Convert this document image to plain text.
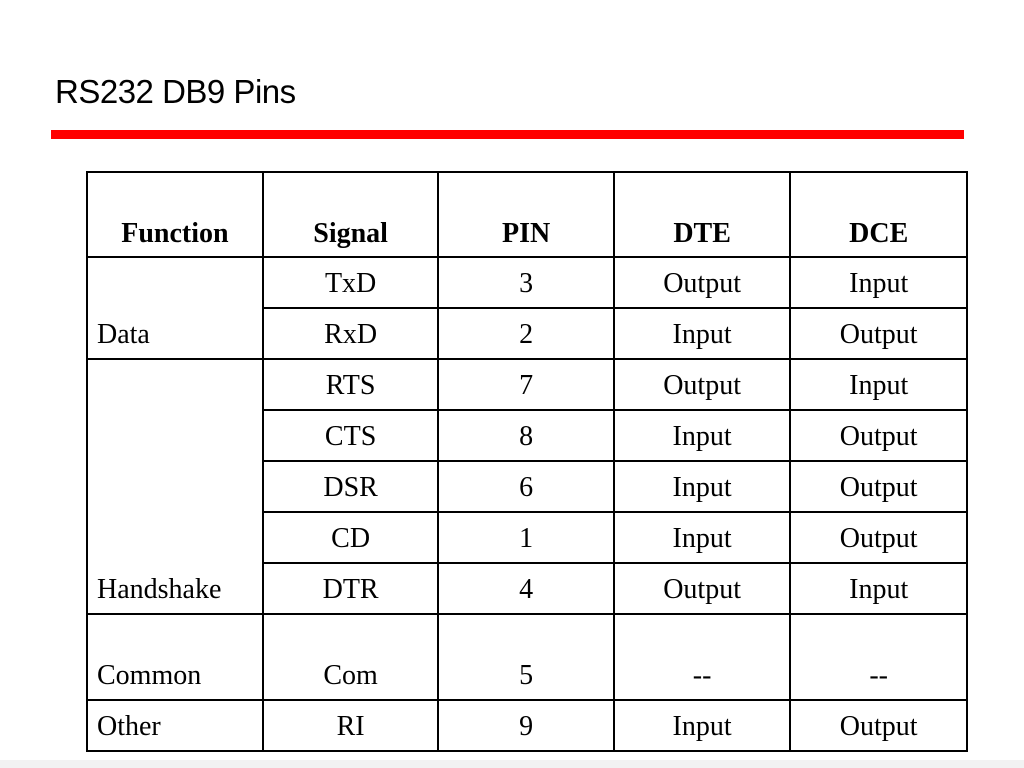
RS232 DB9 Pins
Function	Signal	PIN	DTE	DCE
Data	TxD	3	Output	Input
	RxD	2	Input	Output
Handshake	RTS	7	Output	Input
	CTS	8	Input	Output
	DSR	6	Input	Output
	CD	1	Input	Output
	DTR	4	Output	Input
Common	Com	5	--	--
Other	RI	9	Input	Output
